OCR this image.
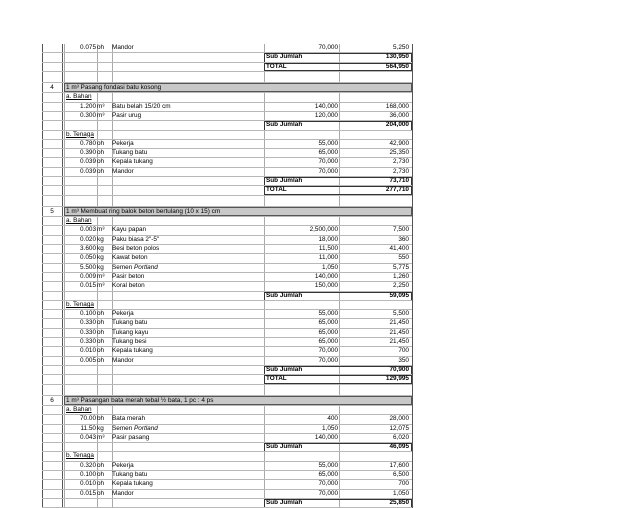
0.075 oh	Mandor	70,000	5,250
Sub Jumlah	130,950
TOTAL	564,950
4	1 m³ Pasang fondasi batu kosong
a. Bahan
1.200 m³	Batu belah 15/20 cm	140,000	168,000
0.300 m³	Pasir urug	120,000	36,000
Sub Jumlah	204,000
b. Tenaga
0.780 oh	Pekerja	55,000	42,900
0.390 oh	Tukang batu	65,000	25,350
0.039 oh	Kepala tukang	70,000	2,730
0.039 oh	Mandor	70,000	2,730
Sub Jumlah	73,710
TOTAL	277,710
5	1 m³ Membuat ring balok beton bertulang (10 x 15) cm
a. Bahan
0.003 m³	Kayu papan	2,500,000	7,500
0.020 kg	Paku biasa 2"-5"	18,000	360
3.600 kg	Besi beton polos	11,500	41,400
0.050 kg	Kawat beton	11,000	550
5.500 kg	Semen Portland	1,050	5,775
0.009 m³	Pasir beton	140,000	1,260
0.015 m³	Koral beton	150,000	2,250
Sub Jumlah	59,095
b. Tenaga
0.100 oh	Pekerja	55,000	5,500
0.330 oh	Tukang batu	65,000	21,450
0.330 oh	Tukang kayu	65,000	21,450
0.330 oh	Tukang besi	65,000	21,450
0.010 oh	Kepala tukang	70,000	700
0.005 oh	Mandor	70,000	350
Sub Jumlah	70,900
TOTAL	129,995
6	1 m³ Pasangan bata merah tebal ½ bata, 1 pc : 4 ps
a. Bahan
70.00 bh	Bata merah	400	28,000
11.50 kg	Semen Portland	1,050	12,075
0.043 m³	Pasir pasang	140,000	6,020
Sub Jumlah	46,095
b. Tenaga
0.320 oh	Pekerja	55,000	17,600
0.100 oh	Tukang batu	65,000	6,500
0.010 oh	Kepala tukang	70,000	700
0.015 oh	Mandor	70,000	1,050
Sub Jumlah	25,850
